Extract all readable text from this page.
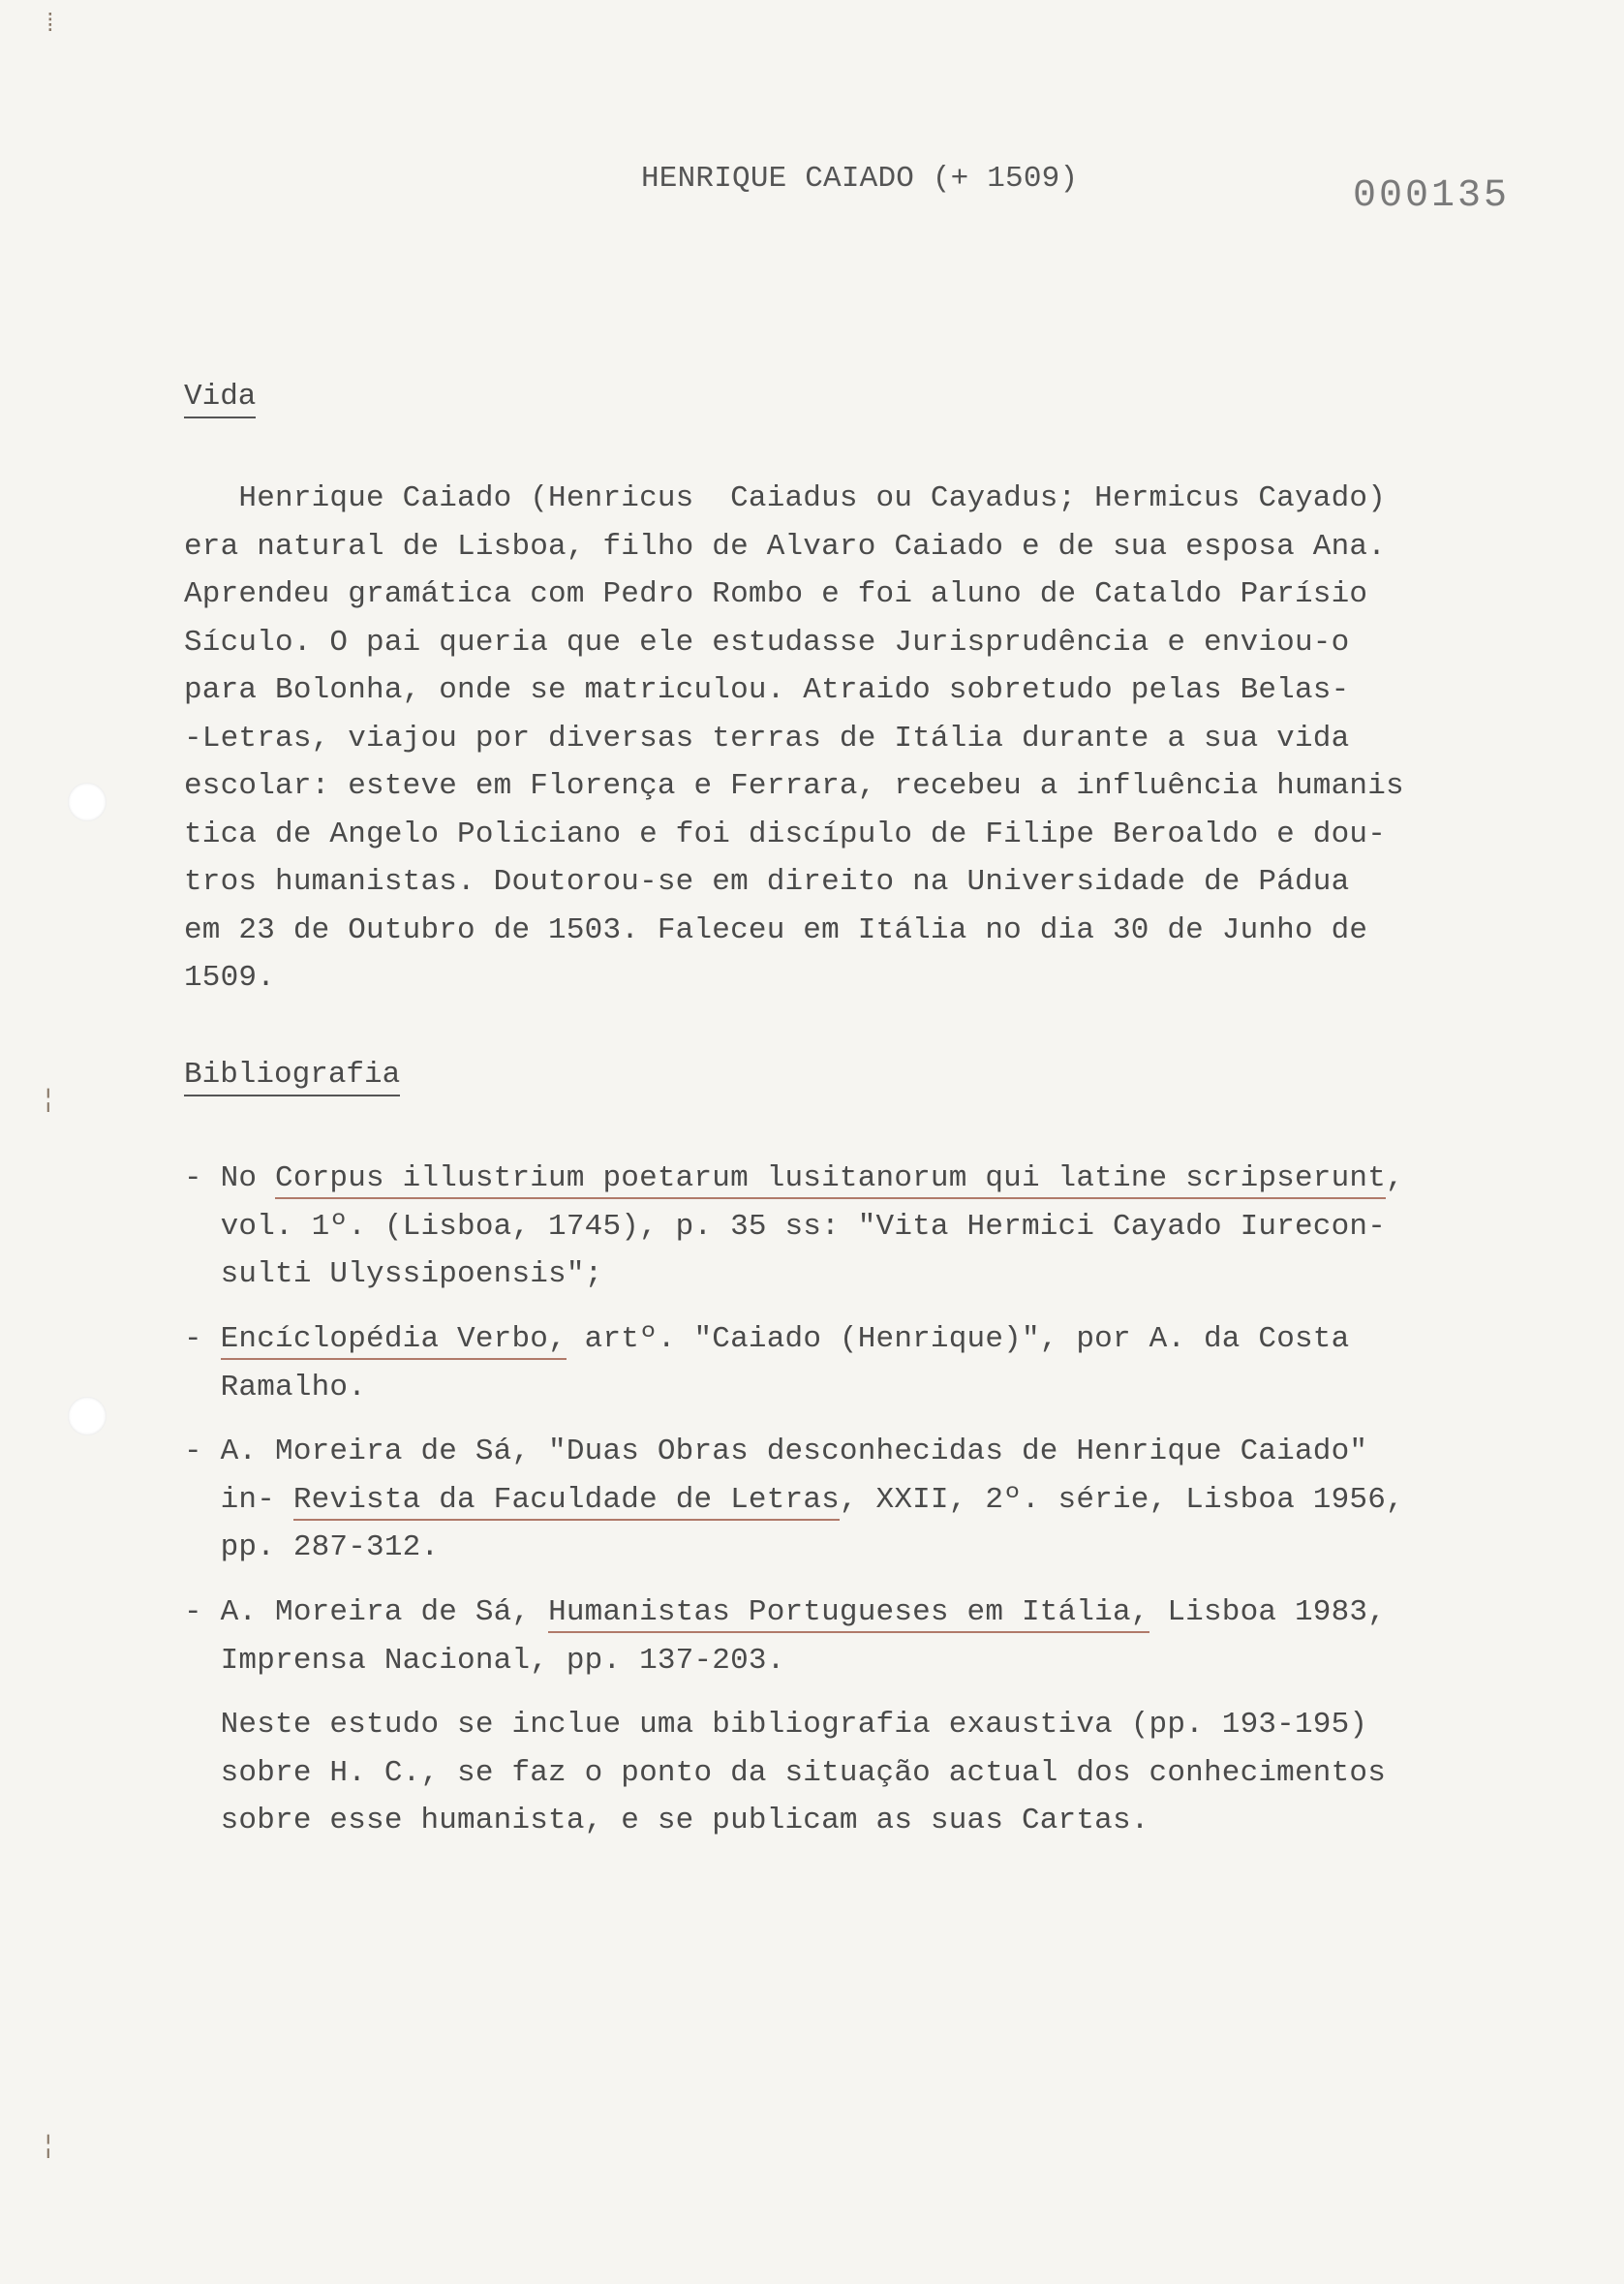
⁞
¦
¦
HENRIQUE CAIADO (+ 1509)	000135
Vida
Henrique Caiado (Henricus  Caiadus ou Cayadus; Hermicus Cayado)
era natural de Lisboa, filho de Alvaro Caiado e de sua esposa Ana.
Aprendeu gramática com Pedro Rombo e foi aluno de Cataldo Parísio
Sículo. O pai queria que ele estudasse Jurisprudência e enviou-o
para Bolonha, onde se matriculou. Atraido sobretudo pelas Belas-
-Letras, viajou por diversas terras de Itália durante a sua vida
escolar: esteve em Florença e Ferrara, recebeu a influência humanis
tica de Angelo Policiano e foi discípulo de Filipe Beroaldo e dou-
tros humanistas. Doutorou-se em direito na Universidade de Pádua
em 23 de Outubro de 1503. Faleceu em Itália no dia 30 de Junho de
1509.
Bibliografia
- No Corpus illustrium poetarum lusitanorum qui latine scripserunt,
vol. 1º. (Lisboa, 1745), p. 35 ss: "Vita Hermici Cayado Iurecon-
sulti Ulyssipoensis";
- Encíclopédia Verbo, artº. "Caiado (Henrique)", por A. da Costa
Ramalho.
- A. Moreira de Sá, "Duas Obras desconhecidas de Henrique Caiado"
in- Revista da Faculdade de Letras, XXII, 2º. série, Lisboa 1956,
pp. 287-312.
- A. Moreira de Sá, Humanistas Portugueses em Itália, Lisboa 1983,
Imprensa Nacional, pp. 137-203.
Neste estudo se inclue uma bibliografia exaustiva (pp. 193-195)
sobre H. C., se faz o ponto da situação actual dos conhecimentos
sobre esse humanista, e se publicam as suas Cartas.
